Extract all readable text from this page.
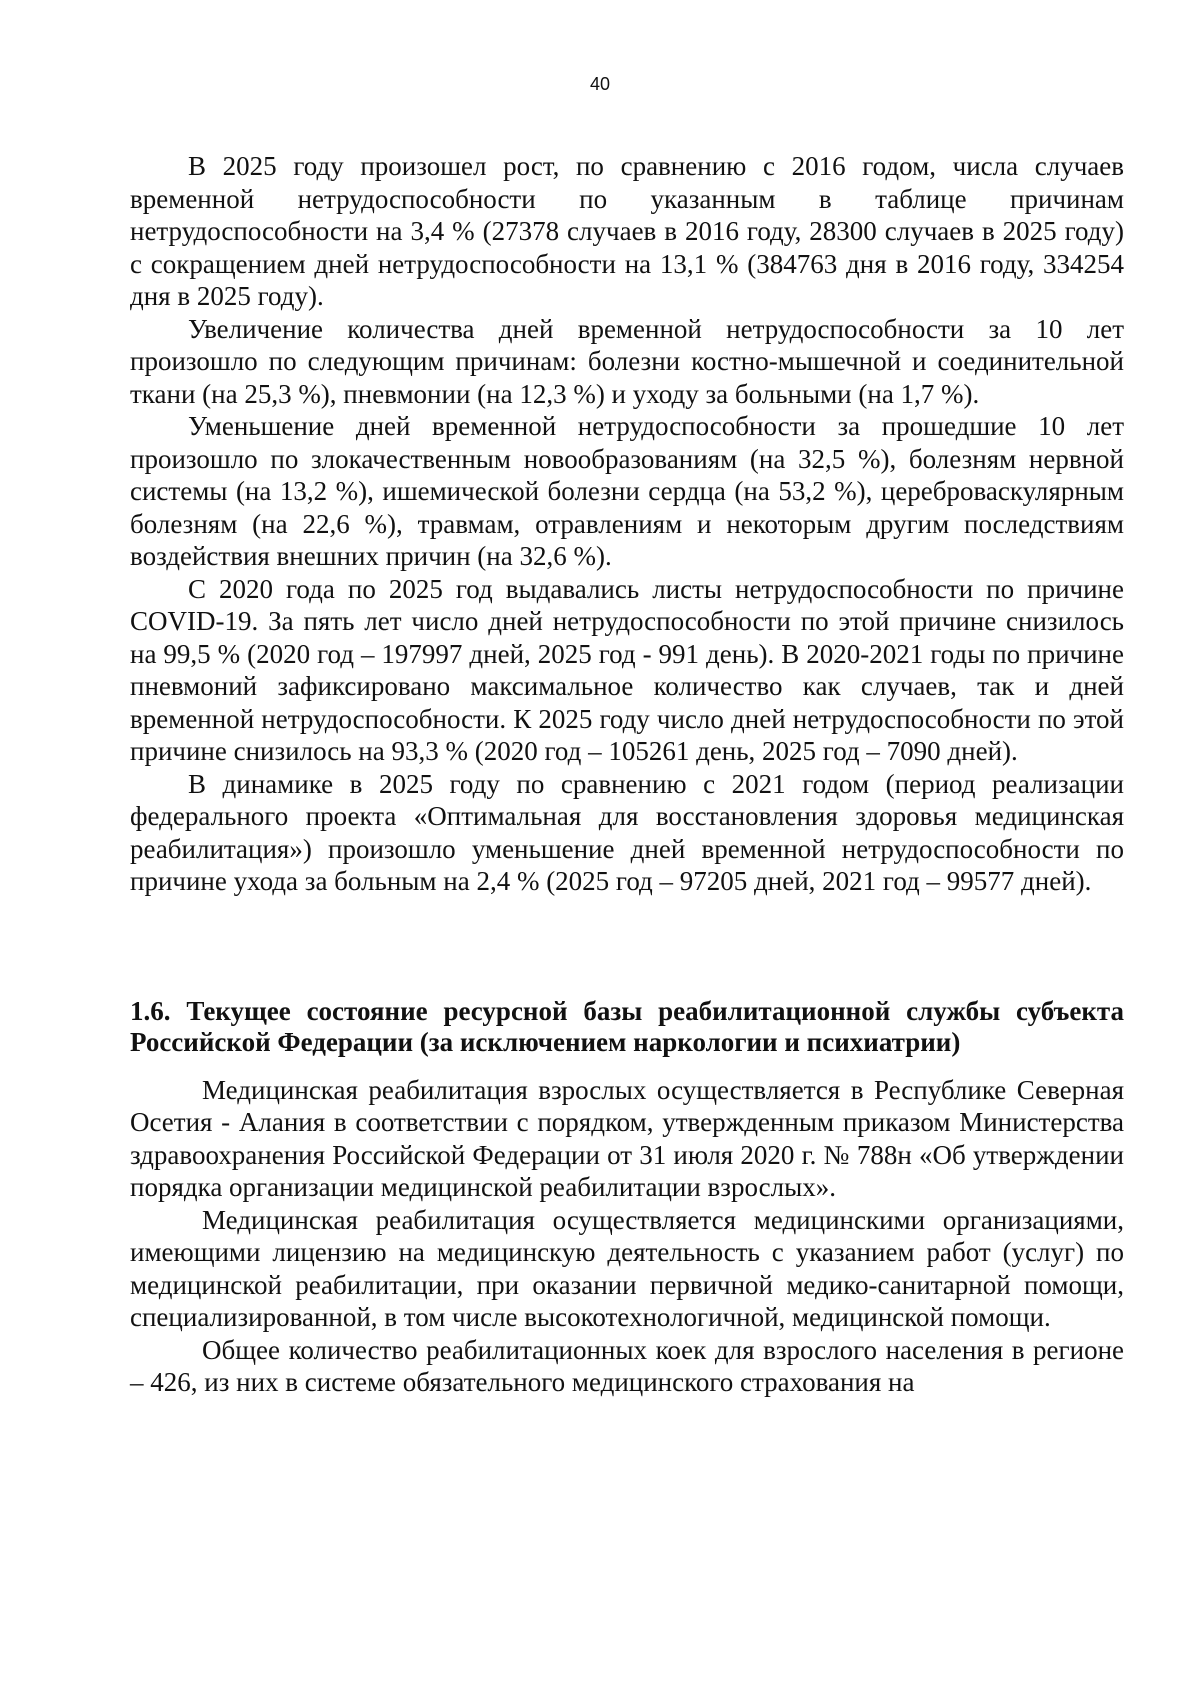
40

В 2025 году произошел рост, по сравнению с 2016 годом, числа случаев временной нетрудоспособности по указанным в таблице причинам нетрудоспособности на 3,4 % (27378 случаев в 2016 году, 28300 случаев в 2025 году) с сокращением дней нетрудоспособности на 13,1 % (384763 дня в 2016 году, 334254 дня в 2025 году).

Увеличение количества дней временной нетрудоспособности за 10 лет произошло по следующим причинам: болезни костно-мышечной и соединительной ткани (на 25,3 %), пневмонии (на 12,3 %) и уходу за больными (на 1,7 %).

Уменьшение дней временной нетрудоспособности за прошедшие 10 лет произошло по злокачественным новообразованиям (на 32,5 %), болезням нервной системы (на 13,2 %), ишемической болезни сердца (на 53,2 %), цереброваскулярным болезням (на 22,6 %), травмам, отравлениям и некоторым другим последствиям воздействия внешних причин (на 32,6 %).

С 2020 года по 2025 год выдавались листы нетрудоспособности по причине COVID-19. За пять лет число дней нетрудоспособности по этой причине снизилось на 99,5 % (2020 год – 197997 дней, 2025 год - 991 день). В 2020-2021 годы по причине пневмоний зафиксировано максимальное количество как случаев, так и дней временной нетрудоспособности. К 2025 году число дней нетрудоспособности по этой причине снизилось на 93,3 % (2020 год – 105261 день, 2025 год – 7090 дней).

В динамике в 2025 году по сравнению с 2021 годом (период реализации федерального проекта «Оптимальная для восстановления здоровья медицинская реабилитация») произошло уменьшение дней временной нетрудоспособности по причине ухода за больным на 2,4 % (2025 год – 97205 дней, 2021 год – 99577 дней).

1.6. Текущее состояние ресурсной базы реабилитационной службы субъекта Российской Федерации (за исключением наркологии и психиатрии)

Медицинская реабилитация взрослых осуществляется в Республике Северная Осетия - Алания в соответствии с порядком, утвержденным приказом Министерства здравоохранения Российской Федерации от 31 июля 2020 г. № 788н «Об утверждении порядка организации медицинской реабилитации взрослых».

Медицинская реабилитация осуществляется медицинскими организациями, имеющими лицензию на медицинскую деятельность с указанием работ (услуг) по медицинской реабилитации, при оказании первичной медико-санитарной помощи, специализированной, в том числе высокотехнологичной, медицинской помощи.

Общее количество реабилитационных коек для взрослого населения в регионе – 426, из них в системе обязательного медицинского страхования на
